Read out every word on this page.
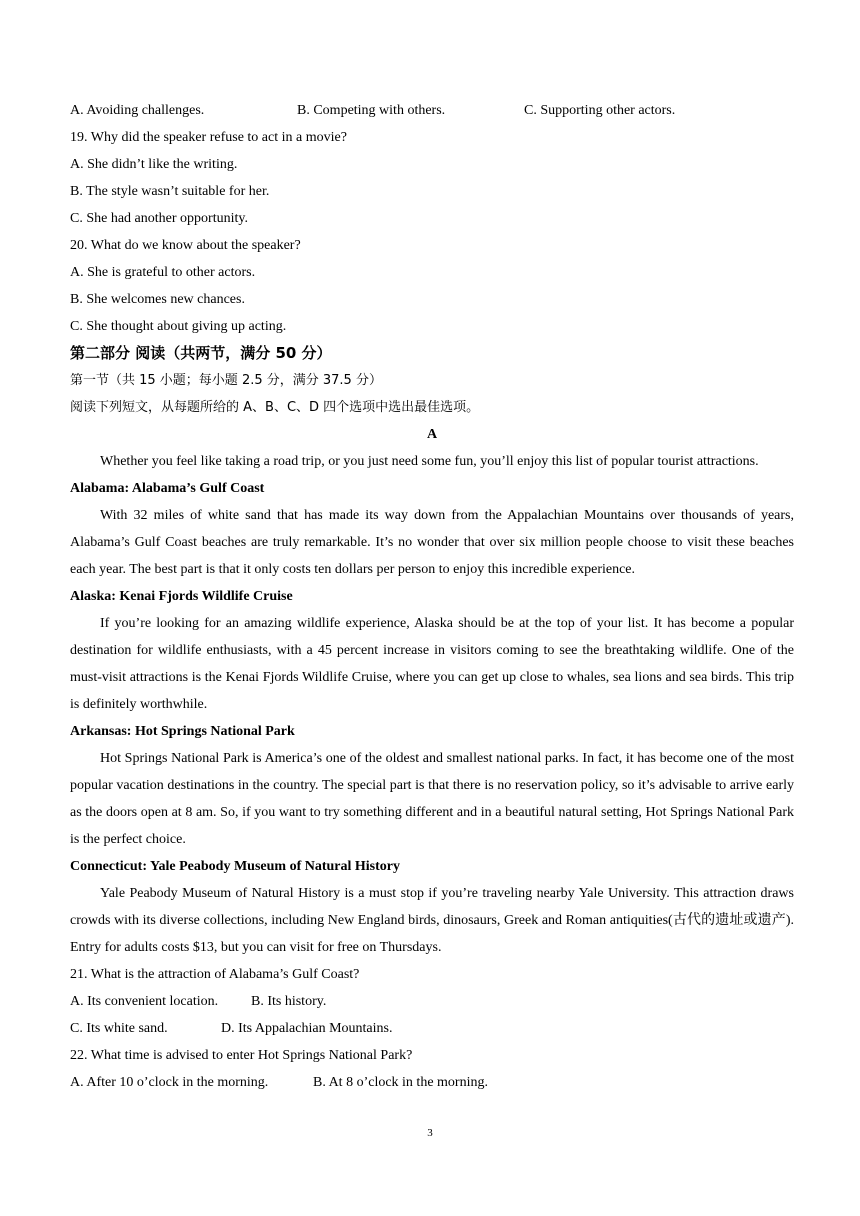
A. Avoiding challenges.	B. Competing with others.	C. Supporting other actors.
19. Why did the speaker refuse to act in a movie?
A. She didn’t like the writing.
B. The style wasn’t suitable for her.
C. She had another opportunity.
20. What do we know about the speaker?
A. She is grateful to other actors.
B. She welcomes new chances.
C. She thought about giving up acting.
第二部分 阅读（共两节，满分 50 分）
第一节（共 15 小题；每小题 2.5 分，满分 37.5 分）
阅读下列短文，从每题所给的 A、B、C、D 四个选项中选出最佳选项。
A

Whether you feel like taking a road trip, or you just need some fun, you’ll enjoy this list of popular tourist attractions.

Alabama: Alabama’s Gulf Coast

With 32 miles of white sand that has made its way down from the Appalachian Mountains over thousands of years, Alabama’s Gulf Coast beaches are truly remarkable. It’s no wonder that over six million people choose to visit these beaches each year. The best part is that it only costs ten dollars per person to enjoy this incredible experience.

Alaska: Kenai Fjords Wildlife Cruise

If you’re looking for an amazing wildlife experience, Alaska should be at the top of your list. It has become a popular destination for wildlife enthusiasts, with a 45 percent increase in visitors coming to see the breathtaking wildlife. One of the must-visit attractions is the Kenai Fjords Wildlife Cruise, where you can get up close to whales, sea lions and sea birds. This trip is definitely worthwhile.

Arkansas: Hot Springs National Park

Hot Springs National Park is America’s one of the oldest and smallest national parks. In fact, it has become one of the most popular vacation destinations in the country. The special part is that there is no reservation policy, so it’s advisable to arrive early as the doors open at 8 am. So, if you want to try something different and in a beautiful natural setting, Hot Springs National Park is the perfect choice.

Connecticut: Yale Peabody Museum of Natural History

Yale Peabody Museum of Natural History is a must stop if you’re traveling nearby Yale University. This attraction draws crowds with its diverse collections, including New England birds, dinosaurs, Greek and Roman antiquities(古代的遗址或遗产). Entry for adults costs $13, but you can visit for free on Thursdays.

21. What is the attraction of Alabama’s Gulf Coast?
A. Its convenient location. B. Its history.
C. Its white sand.	D. Its Appalachian Mountains.
22. What time is advised to enter Hot Springs National Park?
A. After 10 o’clock in the morning.	B. At 8 o’clock in the morning.
3
